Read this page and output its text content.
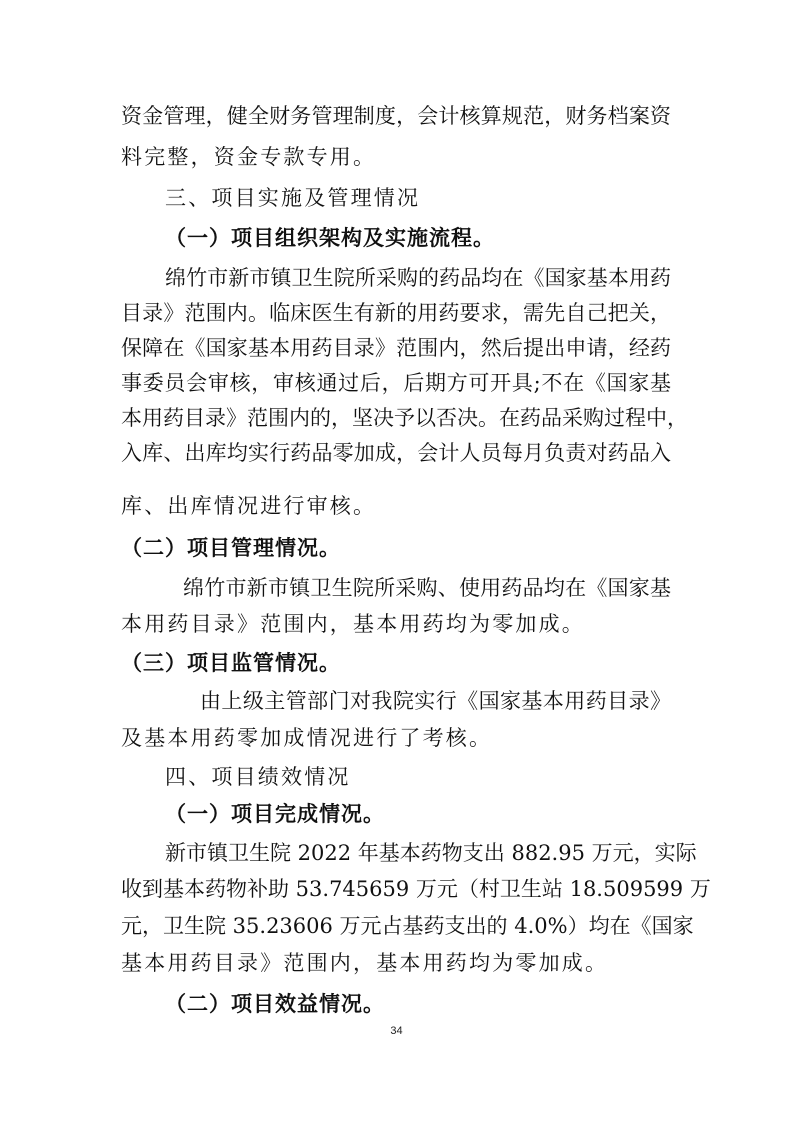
资金管理，健全财务管理制度，会计核算规范，财务档案资
料完整，资金专款专用。
三、项目实施及管理情况
（一）项目组织架构及实施流程。
绵竹市新市镇卫生院所采购的药品均在《国家基本用药
目录》范围内。临床医生有新的用药要求，需先自己把关，
保障在《国家基本用药目录》范围内，然后提出申请，经药
事委员会审核，审核通过后，后期方可开具;不在《国家基
本用药目录》范围内的，坚决予以否决。在药品采购过程中，
入库、出库均实行药品零加成，会计人员每月负责对药品入
库、出库情况进行审核。
（二）项目管理情况。
绵竹市新市镇卫生院所采购、使用药品均在《国家基
本用药目录》范围内，基本用药均为零加成。
（三）项目监管情况。
由上级主管部门对我院实行《国家基本用药目录》
及基本用药零加成情况进行了考核。
四、项目绩效情况
（一）项目完成情况。
新市镇卫生院 2022 年基本药物支出 882.95 万元，实际
收到基本药物补助 53.745659 万元（村卫生站 18.509599 万
元，卫生院 35.23606 万元占基药支出的 4.0%）均在《国家
基本用药目录》范围内，基本用药均为零加成。
（二）项目效益情况。
34
